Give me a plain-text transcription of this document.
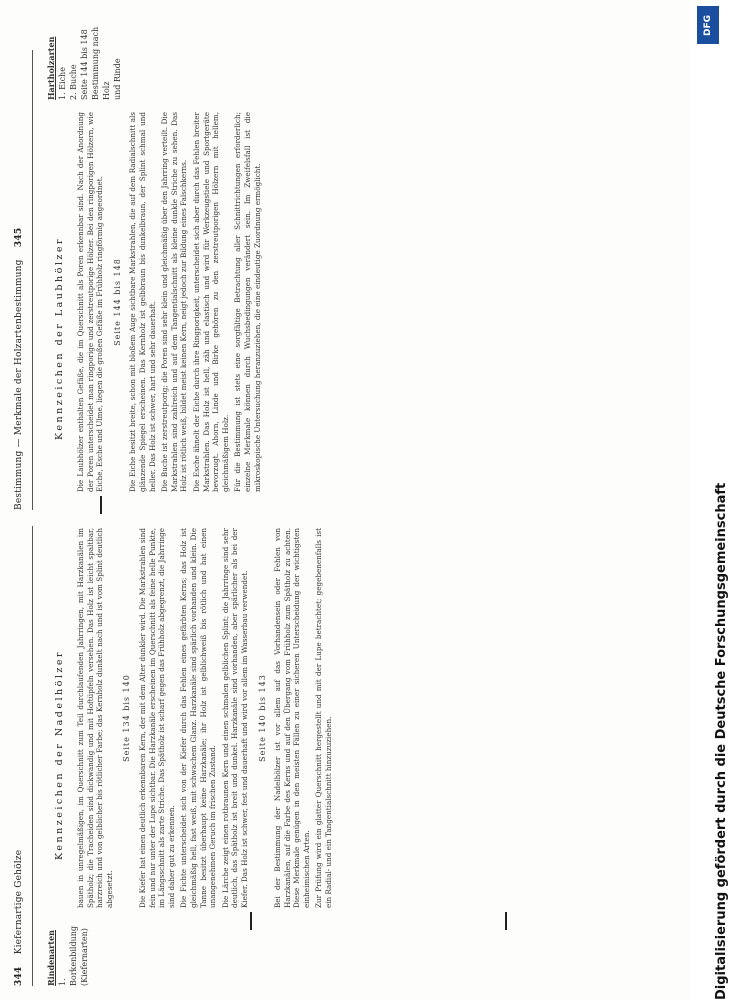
344    Kiefernartige Gehölze
Bestimmung — Merkmale der Holzartenbestimmung    345
Rindenarten 1. Borkenbildung (Kiefernarten)
Kennzeichen der Nadelhölzer bauen in unregelmäßigen, im Querschnitt zum Teil durchlaufenden Jahrringen, mit Harzkanälen im Spätholz; die Tracheiden sind dickwandig und mit Hoftüpfeln versehen. Das Holz ist leicht spaltbar, harzreich und von gelblicher bis rötlicher Farbe; das Kernholz dunkelt nach und ist vom Splint deutlich abgesetzt.

Seite 134 bis 140 Die Kiefer hat einen deutlich erkennbaren Kern, der mit dem Alter dunkler wird. Die Markstrahlen sind fein und nur unter der Lupe sichtbar. Die Harzkanäle erscheinen im Querschnitt als feine helle Punkte, im Längsschnitt als zarte Striche. Das Spätholz ist scharf gegen das Frühholz abgegrenzt, die Jahrringe sind daher gut zu erkennen. Die Fichte unterscheidet sich von der Kiefer durch das Fehlen eines gefärbten Kerns; das Holz ist gleichmäßig hell, fast weiß, mit schwachem Glanz. Harzkanäle sind spärlich vorhanden und klein. Die Tanne besitzt überhaupt keine Harzkanäle; ihr Holz ist gelblichweiß bis rötlich und hat einen unangenehmen Geruch im frischen Zustand. Die Lärche zeigt einen rotbraunen Kern und einen schmalen gelblichen Splint; die Jahrringe sind sehr deutlich, das Spätholz ist breit und dunkel. Harzkanäle sind vorhanden, aber spärlicher als bei der Kiefer. Das Holz ist schwer, fest und dauerhaft und wird vor allem im Wasserbau verwendet. Seite 140 bis 143 Bei der Bestimmung der Nadelhölzer ist vor allem auf das Vorhandensein oder Fehlen von Harzkanälen, auf die Farbe des Kerns und auf den Übergang vom Frühholz zum Spätholz zu achten. Diese Merkmale genügen in den meisten Fällen zu einer sicheren Unterscheidung der wichtigsten einheimischen Arten. Zur Prüfung wird ein glatter Querschnitt hergestellt und mit der Lupe betrachtet; gegebenenfalls ist ein Radial- und ein Tangentialschnitt hinzuzuziehen.

Kennzeichen der Laubhölzer Die Laubhölzer enthalten Gefäße, die im Querschnitt als Poren erkennbar sind. Nach der Anordnung der Poren unterscheidet man ringporige und zerstreutporige Hölzer. Bei den ringporigen Hölzern, wie Eiche, Esche und Ulme, liegen die großen Gefäße im Frühholz ringförmig angeordnet. Seite 144 bis 148 Die Eiche besitzt breite, schon mit bloßem Auge sichtbare Markstrahlen, die auf dem Radialschnitt als glänzende Spiegel erscheinen. Das Kernholz ist gelbbraun bis dunkelbraun, der Splint schmal und heller. Das Holz ist schwer, hart und sehr dauerhaft. Die Buche ist zerstreutporig; die Poren sind sehr klein und gleichmäßig über den Jahrring verteilt. Die Markstrahlen sind zahlreich und auf dem Tangentialschnitt als kleine dunkle Striche zu sehen. Das Holz ist rötlich weiß, bildet meist keinen Kern, neigt jedoch zur Bildung eines Falschkerns. Die Esche ähnelt der Eiche durch ihre Ringporigkeit, unterscheidet sich aber durch das Fehlen breiter Markstrahlen. Das Holz ist hell, zäh und elastisch und wird für Werkzeugstiele und Sportgeräte bevorzugt. Ahorn, Linde und Birke gehören zu den zerstreutporigen Hölzern mit hellem, gleichmäßigem Holz. Für die Bestimmung ist stets eine sorgfältige Betrachtung aller Schnittrichtungen erforderlich; einzelne Merkmale können durch Wuchsbedingungen verändert sein. Im Zweifelsfall ist die mikroskopische Untersuchung heranzuziehen, die eine eindeutige Zuordnung ermöglicht.

Hartholzarten 1. Eiche 2. Buche Seite 144 bis 148 Bestimmung nach Holz und Rinde
Digitalisierung gefördert durch die Deutsche Forschungsgemeinschaft
DFG
